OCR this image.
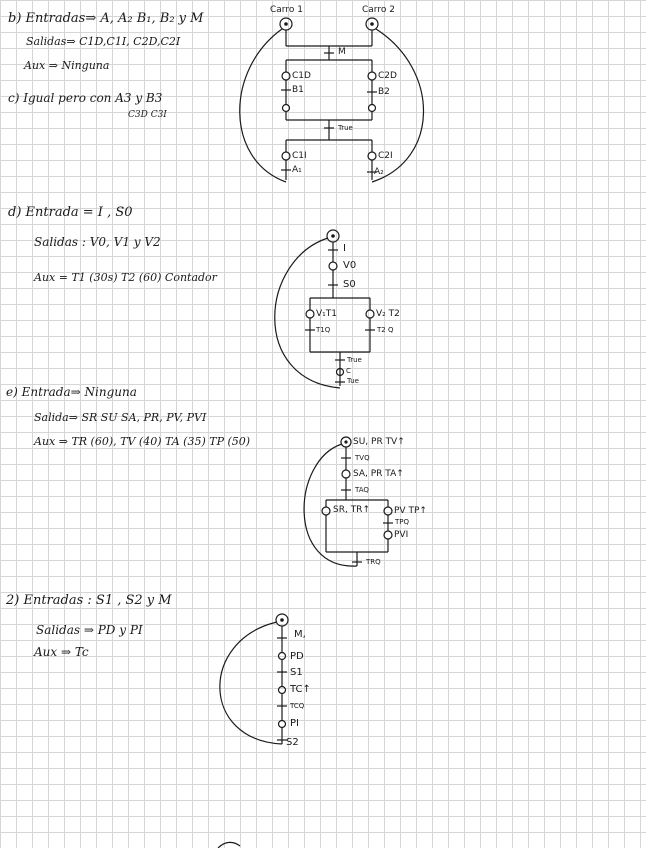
b) Entradas⇒ A, A₂ B₁, B₂ y M
Salidas⇒ C1D,C1I, C2D,C2I
Aux ⇒ Ninguna
c) Igual pero con A3 y B3
C3D C3I
d) Entrada = I , S0
Salidas : V0, V1 y V2
Aux = T1 (30s) T2 (60) Contador
e) Entrada⇒ Ninguna
Salida⇒ SR SU SA, PR, PV, PVI
Aux ⇒ TR (60), TV (40) TA (35) TP (50)
2) Entradas : S1 , S2 y M
Salidas ⇒ PD y PI
Aux ⇒ Tc
Carro 1	Carro 2
M
C1D
B1
C2D
B2
True
C1I
A₁
C2I
A₂
I
V0
S0
V₁T1	V₂ T2
T1Q	T2 Q
True
C
Tue
SU, PR TV↑
TVQ
SA, PR TA↑
TAQ
SR, TR↑	PV TP↑
TPQ
PVI
TRQ
M,
PD
S1
TC↑
TCQ
PI
S2
